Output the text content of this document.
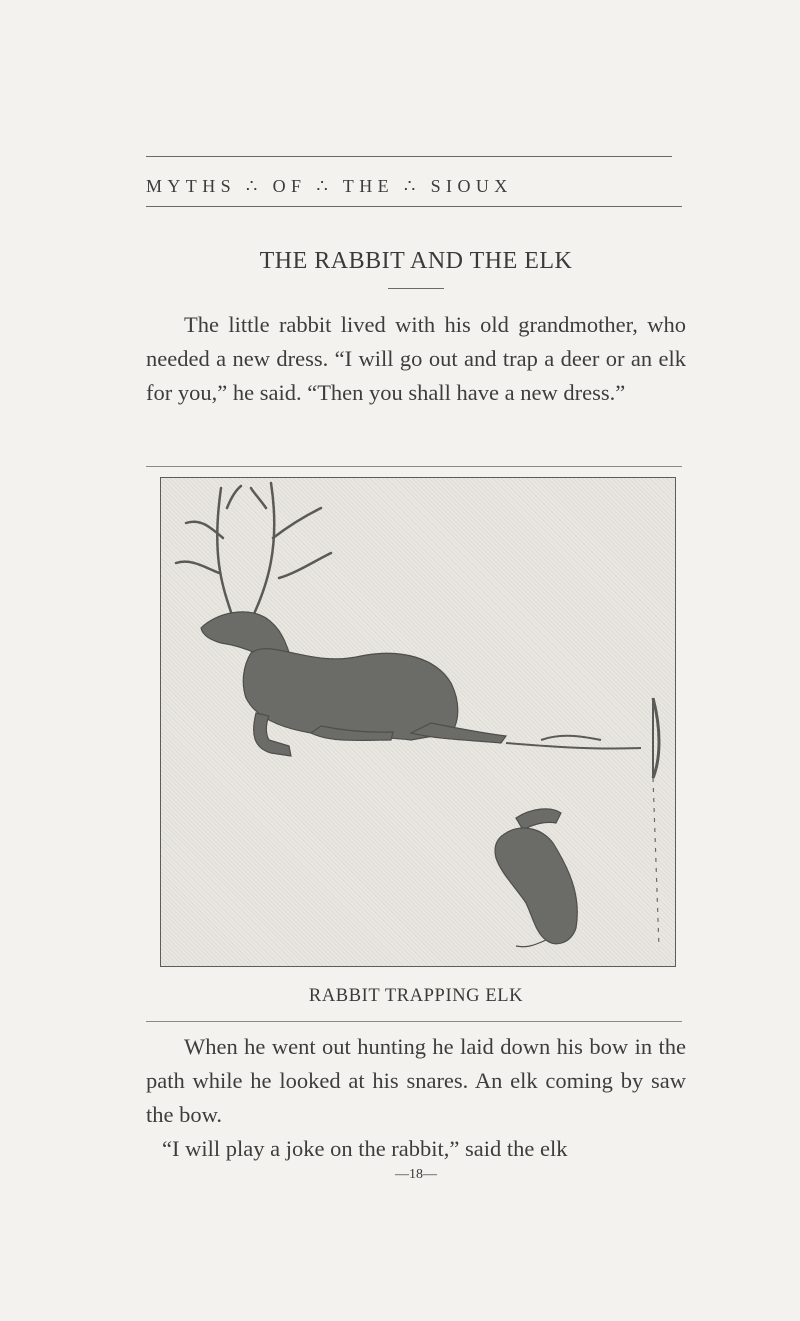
MYTHS ∴ OF ∴ THE ∴ SIOUX
THE RABBIT AND THE ELK
The little rabbit lived with his old grandmother, who needed a new dress. “I will go out and trap a deer or an elk for you,” he said. “Then you shall have a new dress.”
RABBIT TRAPPING ELK
When he went out hunting he laid down his bow in the path while he looked at his snares. An elk coming by saw the bow.
“I will play a joke on the rabbit,” said the elk
—18—
